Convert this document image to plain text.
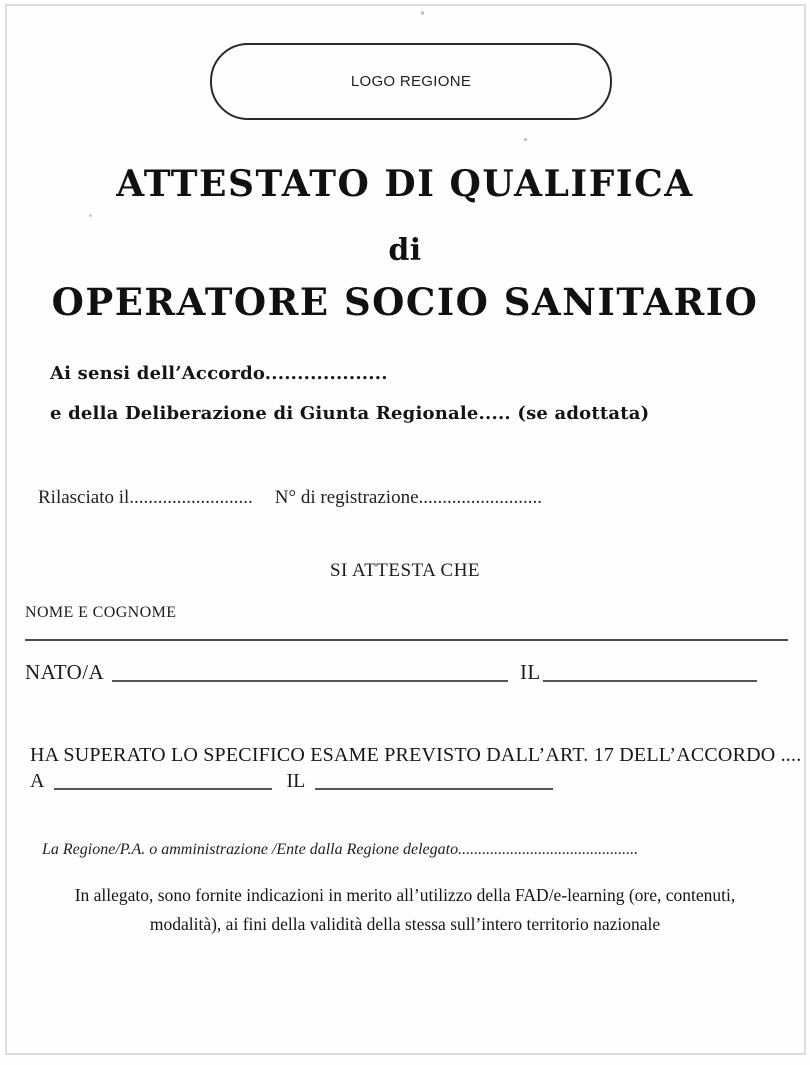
LOGO REGIONE
ATTESTATO DI QUALIFICA
di
OPERATORE SOCIO SANITARIO
Ai sensi dell’Accordo...................
e della Deliberazione di Giunta Regionale..... (se adottata)
Rilasciato il.......................... N° di registrazione..........................
SI ATTESTA CHE
NOME E COGNOME
NATO/A	IL
HA SUPERATO LO SPECIFICO ESAME PREVISTO DALL’ART. 17 DELL’ACCORDO ....
A	IL
La Regione/P.A. o amministrazione /Ente dalla Regione delegato.............................................
In allegato, sono fornite indicazioni in merito all’utilizzo della FAD/e-learning (ore, contenuti,
modalità), ai fini della validità della stessa sull’intero territorio nazionale
